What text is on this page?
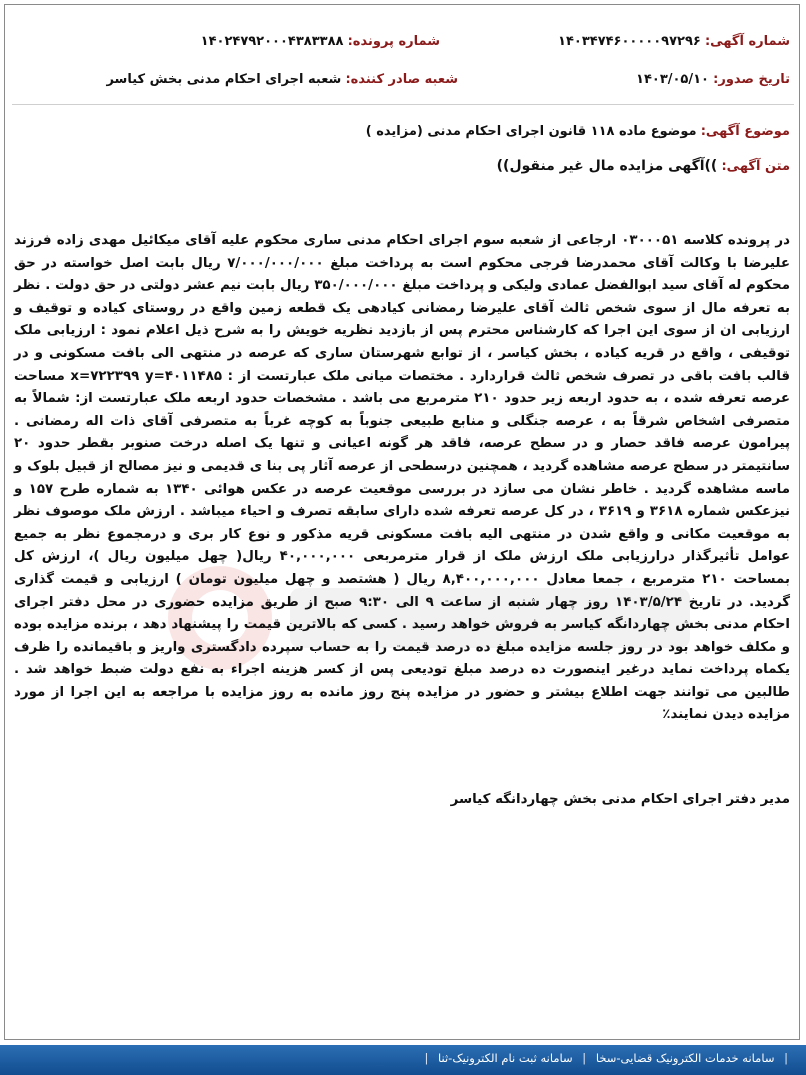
شماره آگهی: ۱۴۰۳۴۷۴۶۰۰۰۰۰۹۷۲۹۶
شماره پرونده: ۱۴۰۲۴۷۹۲۰۰۰۴۳۸۳۳۸۸
تاریخ صدور: ۱۴۰۳/۰۵/۱۰
شعبه صادر کننده: شعبه اجرای احکام مدنی بخش کیاسر
موضوع آگهی: موضوع ماده ۱۱۸ قانون اجرای احکام مدنی (مزایده )
متن آگهی: ))آگهی مزایده مال غیر منقول))
در پرونده کلاسه ۰۳۰۰۰۵۱ ارجاعی از شعبه سوم اجرای احکام مدنی ساری محکوم علیه آقای میکائیل مهدی زاده فرزند علیرضا با وکالت آقای محمدرضا فرجی محکوم است به پرداخت مبلغ ۷/۰۰۰/۰۰۰/۰۰۰ ریال بابت اصل خواسته در حق محکوم له آقای سید ابوالفضل عمادی ولیکی و پرداخت مبلغ ۳۵۰/۰۰۰/۰۰۰ ریال بابت نیم عشر دولتی در حق دولت . نظر به تعرفه مال از سوی شخص ثالث آقای علیرضا رمضانی کیادهی یک قطعه زمین واقع در روستای کیاده و توقیف و ارزیابی ان از سوی این اجرا که کارشناس محترم پس از بازدید نظریه خویش را به شرح ذیل اعلام نمود : ارزیابی ملک توقیفی ، واقع در قریه کیاده ، بخش کیاسر ، از توابع شهرستان ساری که عرصه در منتهی الی بافت مسکونی و در قالب بافت باقی در تصرف شخص ثالث قراردارد . مختصات میانی ملک عبارتست از : x=۷۲۲۳۹۹ y=۴۰۱۱۴۸۵ مساحت عرصه تعرفه شده ، به حدود اربعه زیر حدود ۲۱۰ مترمربع می باشد . مشخصات حدود اربعه ملک عبارتست از: شمالاً به متصرفی اشخاص شرقاً به ، عرصه جنگلی و منابع طبیعی جنوباً به کوچه غرباً به متصرفی آقای ذات اله رمضانی . پیرامون عرصه فاقد حصار و در سطح عرصه، فاقد هر گونه اعیانی و تنها یک اصله درخت صنوبر بقطر حدود ۲۰ سانتیمتر در سطح عرصه مشاهده گردید ، همچنین درسطحی از عرصه آثار پی بنا ی قدیمی و نیز مصالح از قبیل بلوک و ماسه مشاهده گردید . خاطر نشان می سازد در بررسی موقعیت عرصه در عکس هوائی ۱۳۴۰ به شماره طرح ۱۵۷ و نیزعکس شماره ۳۶۱۸ و ۳۶۱۹ ، در کل عرصه تعرفه شده دارای سابقه تصرف و احیاء میباشد . ارزش ملک موصوف نظر به موقعیت مکانی و واقع شدن در منتهی الیه بافت مسکونی قریه مذکور و نوع کار بری و درمجموع نظر به جمیع عوامل تأثیرگذار درارزیابی ملک ارزش ملک از قرار مترمربعی ۴۰,۰۰۰,۰۰۰ ریال( چهل میلیون ریال )، ارزش کل بمساحت ۲۱۰ مترمربع ، جمعا معادل ۸,۴۰۰,۰۰۰,۰۰۰ ریال ( هشتصد و چهل میلیون تومان ) ارزیابی و قیمت گذاری گردید. در تاریخ ۱۴۰۳/۵/۲۴ روز چهار شنبه از ساعت ۹ الی ۹:۳۰ صبح از طریق مزایده حضوری در محل دفتر اجرای احکام مدنی بخش چهاردانگه کیاسر به فروش خواهد رسید . کسی که بالاترین قیمت را پیشنهاد دهد ، برنده مزایده بوده و مکلف خواهد بود در روز جلسه مزایده مبلغ ده درصد قیمت را به حساب سپرده دادگستری واریز و باقیمانده را ظرف یکماه پرداخت نماید درغیر اینصورت ده درصد مبلغ تودیعی پس از کسر هزینه اجراء به نفع دولت ضبط خواهد شد . طالبین می توانند جهت اطلاع بیشتر و حضور در مزایده پنج روز مانده به روز مزایده با مراجعه به این اجرا از مورد مزایده دیدن نمایند٪
مدیر دفتر اجرای احکام مدنی بخش چهاردانگه کیاسر
| سامانه خدمات الکترونیک قضایی-سخا | سامانه ثبت نام الکترونیک-ثنا |
